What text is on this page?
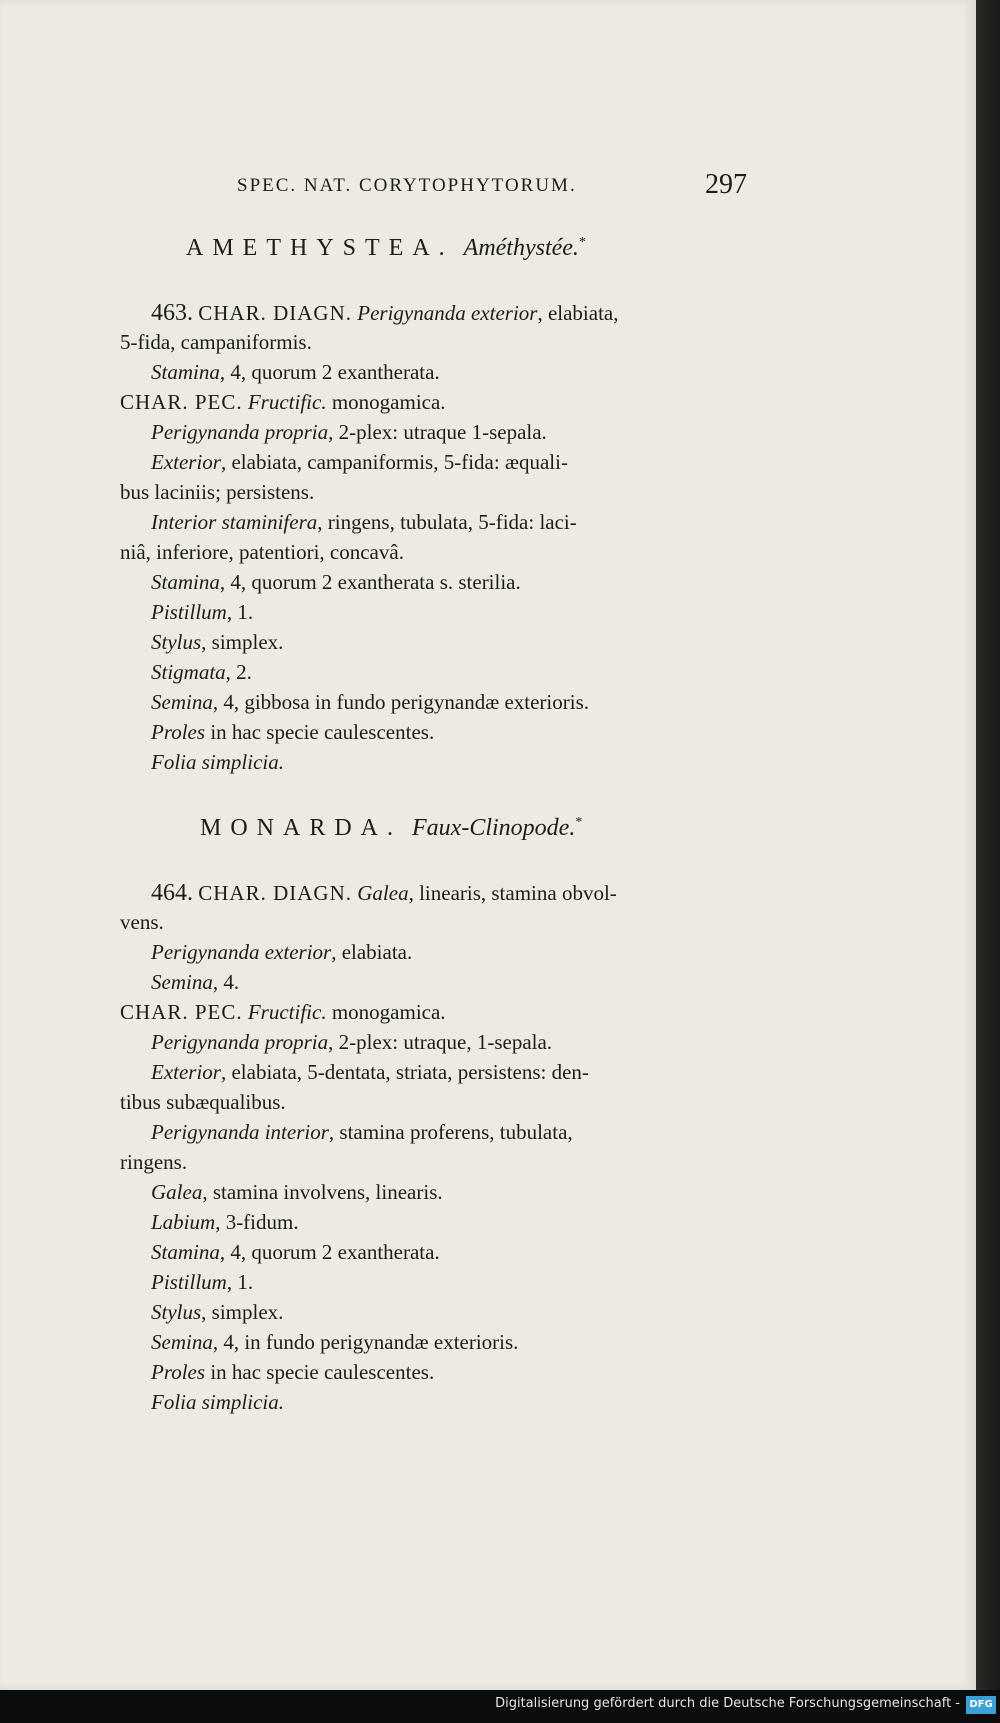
SPEC. NAT. CORYTOPHYTORUM.	297
AMETHYSTEA. Améthystée.*
463. CHAR. DIAGN. Perigynanda exterior, elabiata,
5-fida, campaniformis.
Stamina, 4, quorum 2 exantherata.
CHAR. PEC. Fructific. monogamica.
Perigynanda propria, 2-plex: utraque 1-sepala.
Exterior, elabiata, campaniformis, 5-fida: æquali-
bus laciniis; persistens.
Interior staminifera, ringens, tubulata, 5-fida: laci-
niâ, inferiore, patentiori, concavâ.
Stamina, 4, quorum 2 exantherata s. sterilia.
Pistillum, 1.
Stylus, simplex.
Stigmata, 2.
Semina, 4, gibbosa in fundo perigynandæ exterioris.
Proles in hac specie caulescentes.
Folia simplicia.
MONARDA. Faux-Clinopode.*
464. CHAR. DIAGN. Galea, linearis, stamina obvol-
vens.
Perigynanda exterior, elabiata.
Semina, 4.
CHAR. PEC. Fructific. monogamica.
Perigynanda propria, 2-plex: utraque, 1-sepala.
Exterior, elabiata, 5-dentata, striata, persistens: den-
tibus subæqualibus.
Perigynanda interior, stamina proferens, tubulata,
ringens.
Galea, stamina involvens, linearis.
Labium, 3-fidum.
Stamina, 4, quorum 2 exantherata.
Pistillum, 1.
Stylus, simplex.
Semina, 4, in fundo perigynandæ exterioris.
Proles in hac specie caulescentes.
Folia simplicia.
Digitalisierung gefördert durch die Deutsche Forschungsgemeinschaft - DFG
